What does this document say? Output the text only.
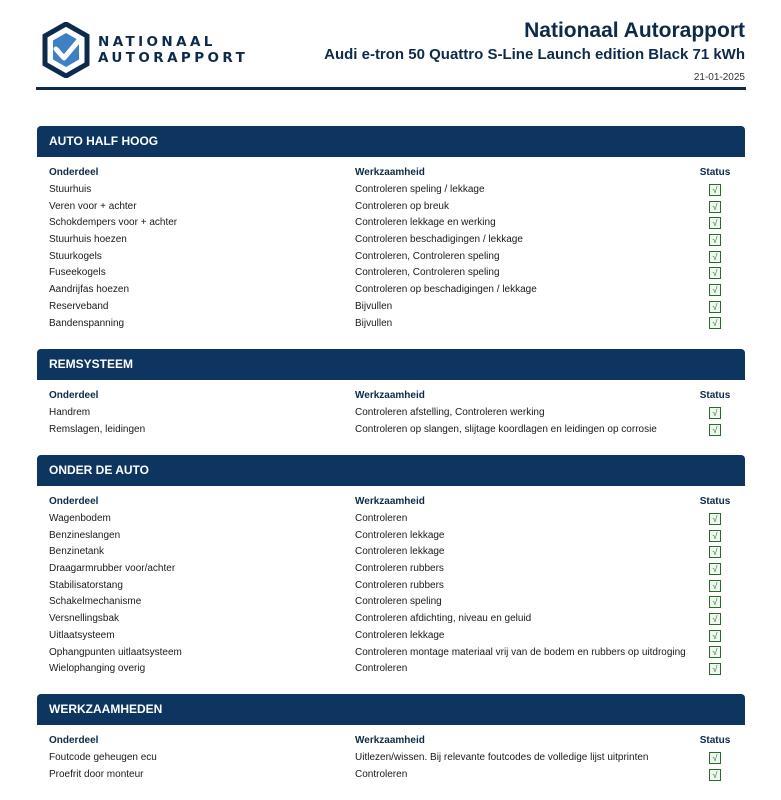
NATIONAAL
AUTORAPPORT
Nationaal Autorapport
Audi e-tron 50 Quattro S-Line Launch edition Black 71 kWh
21-01-2025
AUTO HALF HOOG
Onderdeel	Werkzaamheid	Status
Stuurhuis	Controleren speling / lekkage	√
Veren voor + achter	Controleren op breuk	√
Schokdempers voor + achter	Controleren lekkage en werking	√
Stuurhuis hoezen	Controleren beschadigingen / lekkage	√
Stuurkogels	Controleren, Controleren speling	√
Fuseekogels	Controleren, Controleren speling	√
Aandrijfas hoezen	Controleren op beschadigingen / lekkage	√
Reserveband	Bijvullen	√
Bandenspanning	Bijvullen	√
REMSYSTEEM
Onderdeel	Werkzaamheid	Status
Handrem	Controleren afstelling, Controleren werking	√
Remslagen, leidingen	Controleren op slangen, slijtage koordlagen en leidingen op corrosie	√
ONDER DE AUTO
Onderdeel	Werkzaamheid	Status
Wagenbodem	Controleren	√
Benzineslangen	Controleren lekkage	√
Benzinetank	Controleren lekkage	√
Draagarmrubber voor/achter	Controleren rubbers	√
Stabilisatorstang	Controleren rubbers	√
Schakelmechanisme	Controleren speling	√
Versnellingsbak	Controleren afdichting, niveau en geluid	√
Uitlaatsysteem	Controleren lekkage	√
Ophangpunten uitlaatsysteem	Controleren montage materiaal vrij van de bodem en rubbers op uitdroging	√
Wielophanging overig	Controleren	√
WERKZAAMHEDEN
Onderdeel	Werkzaamheid	Status
Foutcode geheugen ecu	Uitlezen/wissen. Bij relevante foutcodes de volledige lijst uitprinten	√
Proefrit door monteur	Controleren	√
